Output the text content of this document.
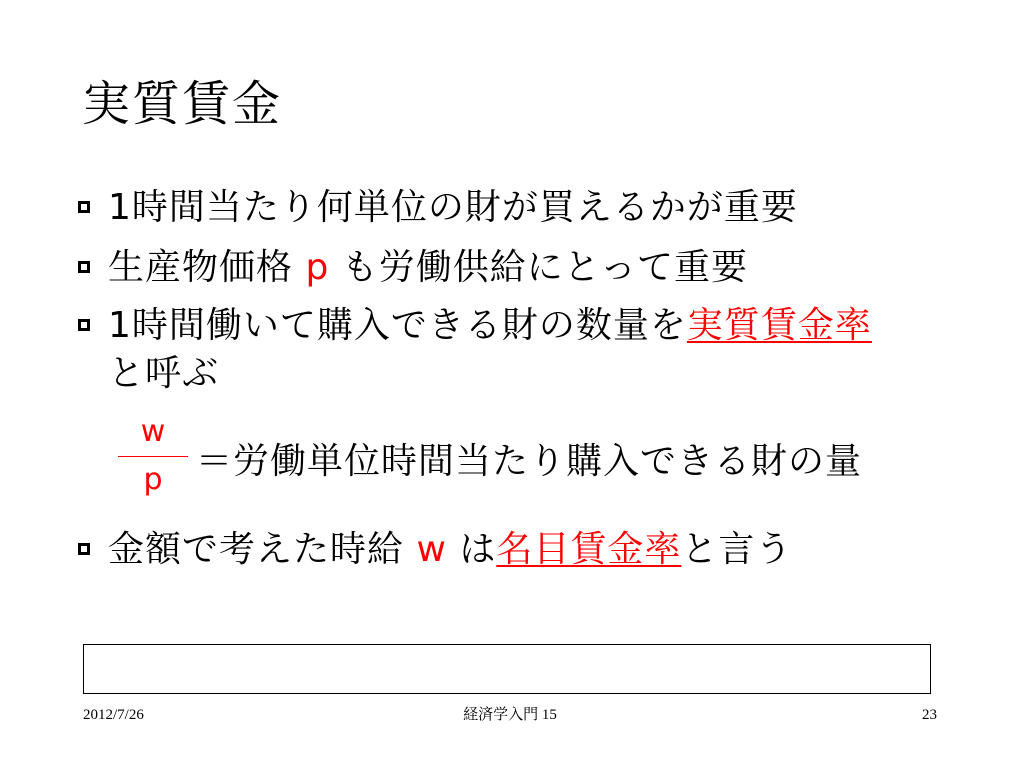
実質賃金
1時間当たり何単位の財が買えるかが重要
生産物価格 p も労働供給にとって重要
1時間働いて購入できる財の数量を実質賃金率
と呼ぶ
w
p ＝労働単位時間当たり購入できる財の量
金額で考えた時給 w は名目賃金率と言う
2012/7/26	経済学入門 15	23
